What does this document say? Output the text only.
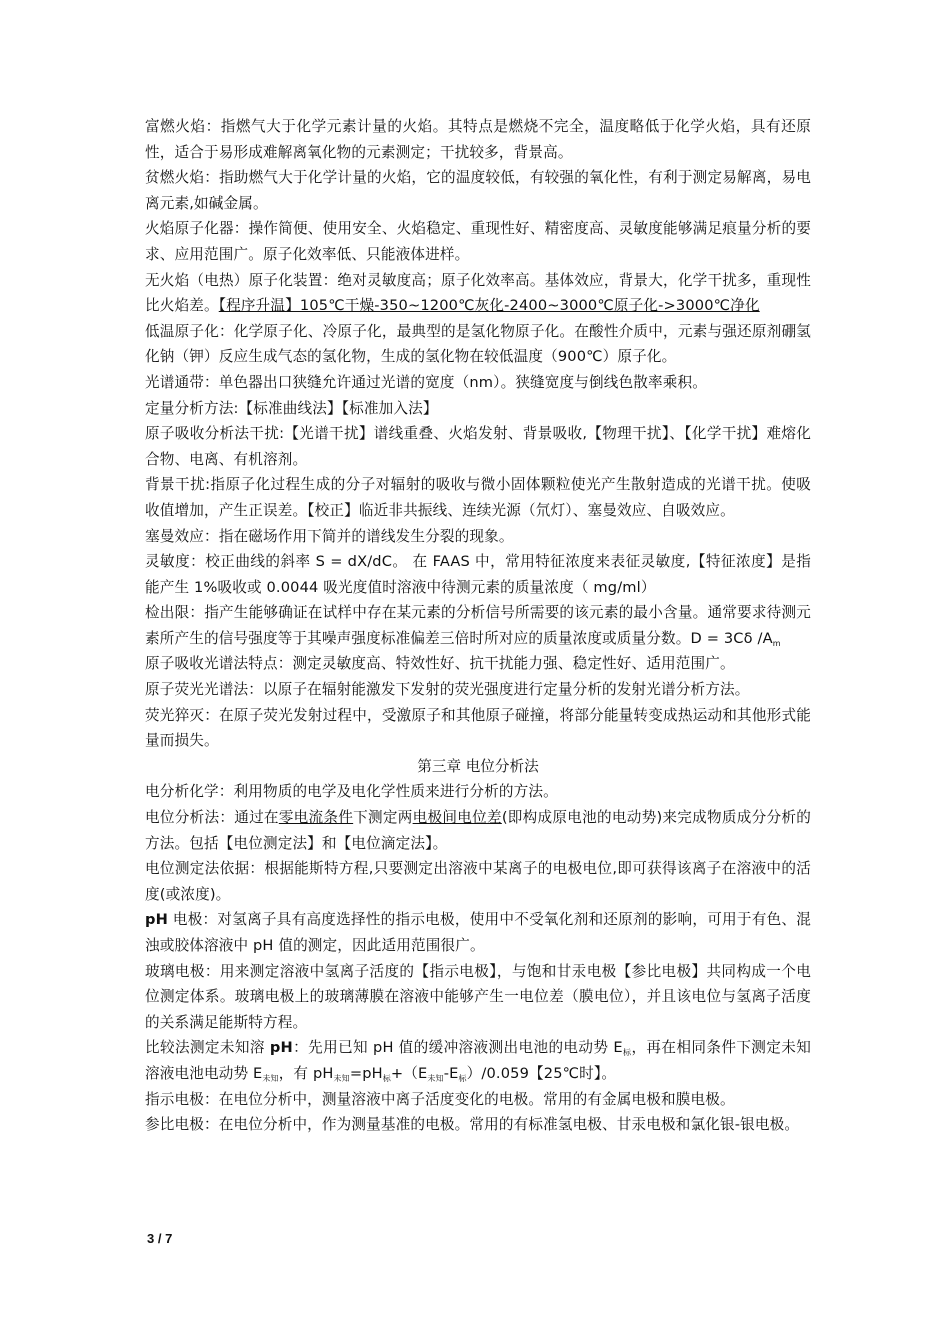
富燃火焰：指燃气大于化学元素计量的火焰。其特点是燃烧不完全，温度略低于化学火焰，具有还原性，适合于易形成难解离氧化物的元素测定；干扰较多，背景高。

贫燃火焰：指助燃气大于化学计量的火焰，它的温度较低，有较强的氧化性，有利于测定易解离，易电离元素,如碱金属。

火焰原子化器：操作简便、使用安全、火焰稳定、重现性好、精密度高、灵敏度能够满足痕量分析的要求、应用范围广。原子化效率低、只能液体进样。

无火焰（电热）原子化装置：绝对灵敏度高；原子化效率高。基体效应，背景大，化学干扰多，重现性比火焰差。【程序升温】105℃干燥-350~1200℃灰化-2400~3000℃原子化->3000℃净化

低温原子化：化学原子化、冷原子化，最典型的是氢化物原子化。在酸性介质中，元素与强还原剂硼氢化钠（钾）反应生成气态的氢化物，生成的氢化物在较低温度（900℃）原子化。

光谱通带：单色器出口狭缝允许通过光谱的宽度（nm）。狭缝宽度与倒线色散率乘积。

定量分析方法:【标准曲线法】【标准加入法】

原子吸收分析法干扰:【光谱干扰】谱线重叠、火焰发射、背景吸收,【物理干扰】、【化学干扰】难熔化合物、电离、有机溶剂。

背景干扰:指原子化过程生成的分子对辐射的吸收与微小固体颗粒使光产生散射造成的光谱干扰。使吸收值增加，产生正误差。【校正】临近非共振线、连续光源（氘灯）、塞曼效应、自吸效应。

塞曼效应：指在磁场作用下简并的谱线发生分裂的现象。

灵敏度：校正曲线的斜率 S = dX/dC。 在 FAAS 中，常用特征浓度来表征灵敏度,【特征浓度】是指能产生 1%吸收或 0.0044 吸光度值时溶液中待测元素的质量浓度（ mg/ml）

检出限：指产生能够确证在试样中存在某元素的分析信号所需要的该元素的最小含量。通常要求待测元素所产生的信号强度等于其噪声强度标准偏差三倍时所对应的质量浓度或质量分数。D = 3Cδ $/A_m$

原子吸收光谱法特点：测定灵敏度高、特效性好、抗干扰能力强、稳定性好、适用范围广。

原子荧光光谱法：以原子在辐射能激发下发射的荧光强度进行定量分析的发射光谱分析方法。

荧光猝灭：在原子荧光发射过程中，受激原子和其他原子碰撞，将部分能量转变成热运动和其他形式能量而损失。

第三章 电位分析法

电分析化学：利用物质的电学及电化学性质来进行分析的方法。

电位分析法：通过在零电流条件下测定两电极间电位差(即构成原电池的电动势)来完成物质成分分析的方法。包括【电位测定法】和【电位滴定法】。

电位测定法依据：根据能斯特方程,只要测定出溶液中某离子的电极电位,即可获得该离子在溶液中的活度(或浓度)。

pH 电极：对氢离子具有高度选择性的指示电极，使用中不受氧化剂和还原剂的影响，可用于有色、混浊或胶体溶液中 pH 值的测定，因此适用范围很广。

玻璃电极：用来测定溶液中氢离子活度的【指示电极】，与饱和甘汞电极【参比电极】共同构成一个电位测定体系。玻璃电极上的玻璃薄膜在溶液中能够产生一电位差（膜电位），并且该电位与氢离子活度的关系满足能斯特方程。

比较法测定未知溶 pH：先用已知 pH 值的缓冲溶液测出电池的电动势 $E_标$，再在相同条件下测定未知溶液电池电动势 $E_{未知}$，有 $pH_{未知}=pH_标+(E_{未知}-E_标)/0.059$【25℃时】。

指示电极：在电位分析中，测量溶液中离子活度变化的电极。常用的有金属电极和膜电极。

参比电极：在电位分析中，作为测量基准的电极。常用的有标准氢电极、甘汞电极和氯化银-银电极。

3 / 7
